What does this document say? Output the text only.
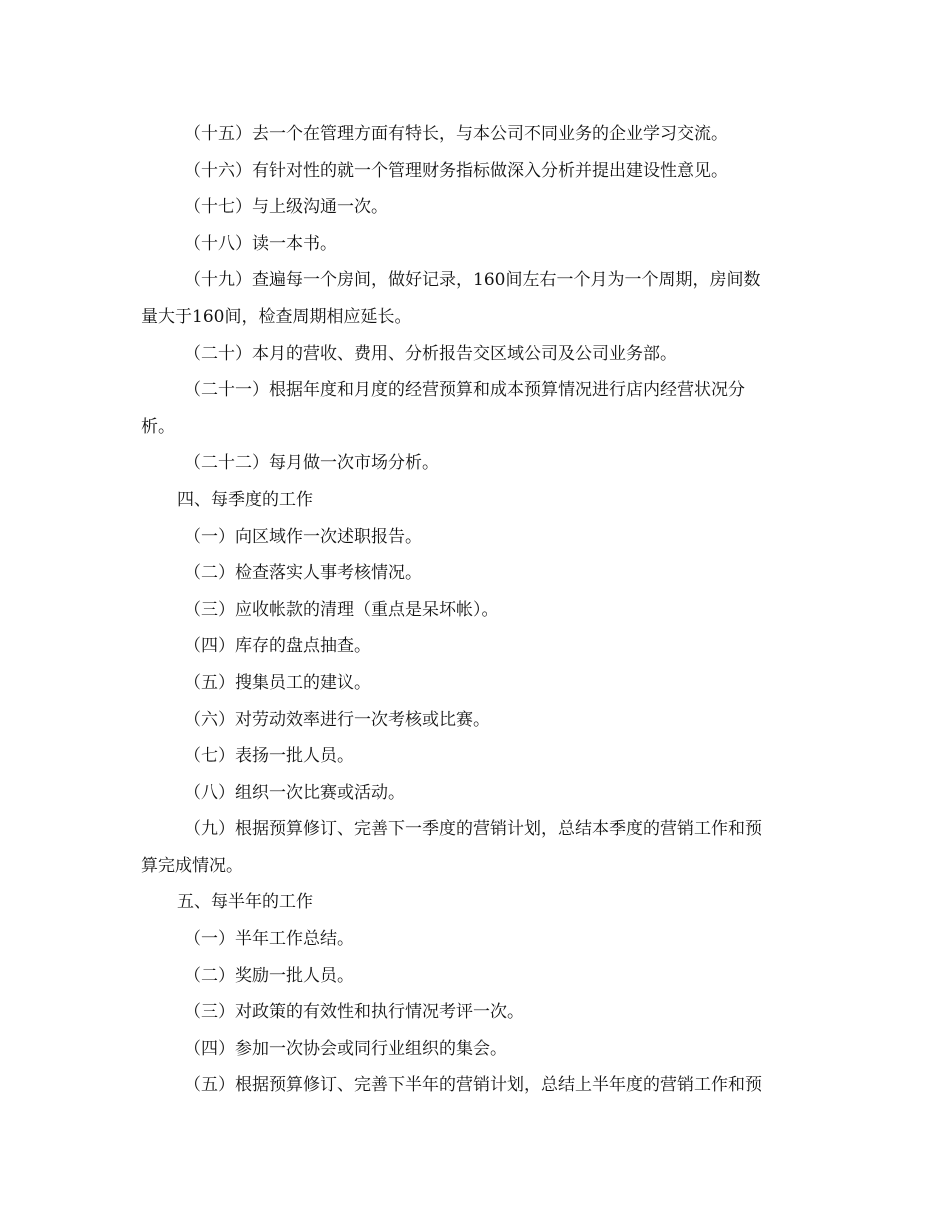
（十五）去一个在管理方面有特长，与本公司不同业务的企业学习交流。

（十六）有针对性的就一个管理财务指标做深入分析并提出建设性意见。

（十七）与上级沟通一次。

（十八）读一本书。

（十九）查遍每一个房间，做好记录，160间左右一个月为一个周期，房间数

量大于160间，检查周期相应延长。

（二十）本月的营收、费用、分析报告交区域公司及公司业务部。

（二十一）根据年度和月度的经营预算和成本预算情况进行店内经营状况分

析。

（二十二）每月做一次市场分析。

四、每季度的工作

（一）向区域作一次述职报告。

（二）检查落实人事考核情况。

（三）应收帐款的清理（重点是呆坏帐）。

（四）库存的盘点抽查。

（五）搜集员工的建议。

（六）对劳动效率进行一次考核或比赛。

（七）表扬一批人员。

（八）组织一次比赛或活动。

（九）根据预算修订、完善下一季度的营销计划，总结本季度的营销工作和预

算完成情况。

五、每半年的工作

（一）半年工作总结。

（二）奖励一批人员。

（三）对政策的有效性和执行情况考评一次。

（四）参加一次协会或同行业组织的集会。

（五）根据预算修订、完善下半年的营销计划，总结上半年度的营销工作和预
